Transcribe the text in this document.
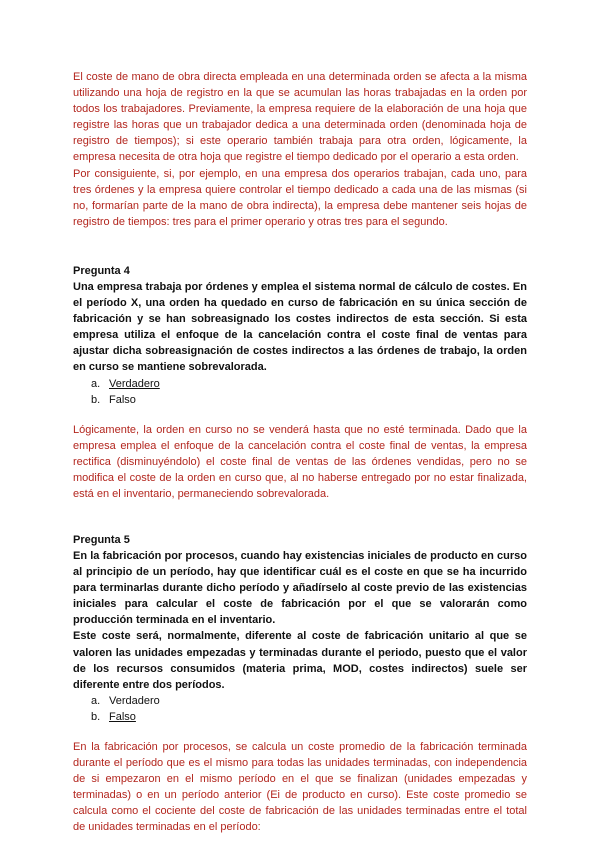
El coste de mano de obra directa empleada en una determinada orden se afecta a la misma utilizando una hoja de registro en la que se acumulan las horas trabajadas en la orden por todos los trabajadores. Previamente, la empresa requiere de la elaboración de una hoja que registre las horas que un trabajador dedica a una determinada orden (denominada hoja de registro de tiempos); si este operario también trabaja para otra orden, lógicamente, la empresa necesita de otra hoja que registre el tiempo dedicado por el operario a esta orden.

Por consiguiente, si, por ejemplo, en una empresa dos operarios trabajan, cada uno, para tres órdenes y la empresa quiere controlar el tiempo dedicado a cada una de las mismas (si no, formarían parte de la mano de obra indirecta), la empresa debe mantener seis hojas de registro de tiempos: tres para el primer operario y otras tres para el segundo.

Pregunta 4

Una empresa trabaja por órdenes y emplea el sistema normal de cálculo de costes. En el período X, una orden ha quedado en curso de fabricación en su única sección de fabricación y se han sobreasignado los costes indirectos de esta sección. Si esta empresa utiliza el enfoque de la cancelación contra el coste final de ventas para ajustar dicha sobreasignación de costes indirectos a las órdenes de trabajo, la orden en curso se mantiene sobrevalorada.

a. Verdadero
b. Falso

Lógicamente, la orden en curso no se venderá hasta que no esté terminada. Dado que la empresa emplea el enfoque de la cancelación contra el coste final de ventas, la empresa rectifica (disminuyéndolo) el coste final de ventas de las órdenes vendidas, pero no se modifica el coste de la orden en curso que, al no haberse entregado por no estar finalizada, está en el inventario, permaneciendo sobrevalorada.

Pregunta 5

En la fabricación por procesos, cuando hay existencias iniciales de producto en curso al principio de un período, hay que identificar cuál es el coste en que se ha incurrido para terminarlas durante dicho período y añadírselo al coste previo de las existencias iniciales para calcular el coste de fabricación por el que se valorarán como producción terminada en el inventario.

Este coste será, normalmente, diferente al coste de fabricación unitario al que se valoren las unidades empezadas y terminadas durante el periodo, puesto que el valor de los recursos consumidos (materia prima, MOD, costes indirectos) suele ser diferente entre dos períodos.

a. Verdadero
b. Falso

En la fabricación por procesos, se calcula un coste promedio de la fabricación terminada durante el período que es el mismo para todas las unidades terminadas, con independencia de si empezaron en el mismo período en el que se finalizan (unidades empezadas y terminadas) o en un período anterior (Ei de producto en curso). Este coste promedio se calcula como el cociente del coste de fabricación de las unidades terminadas entre el total de unidades terminadas en el período:
